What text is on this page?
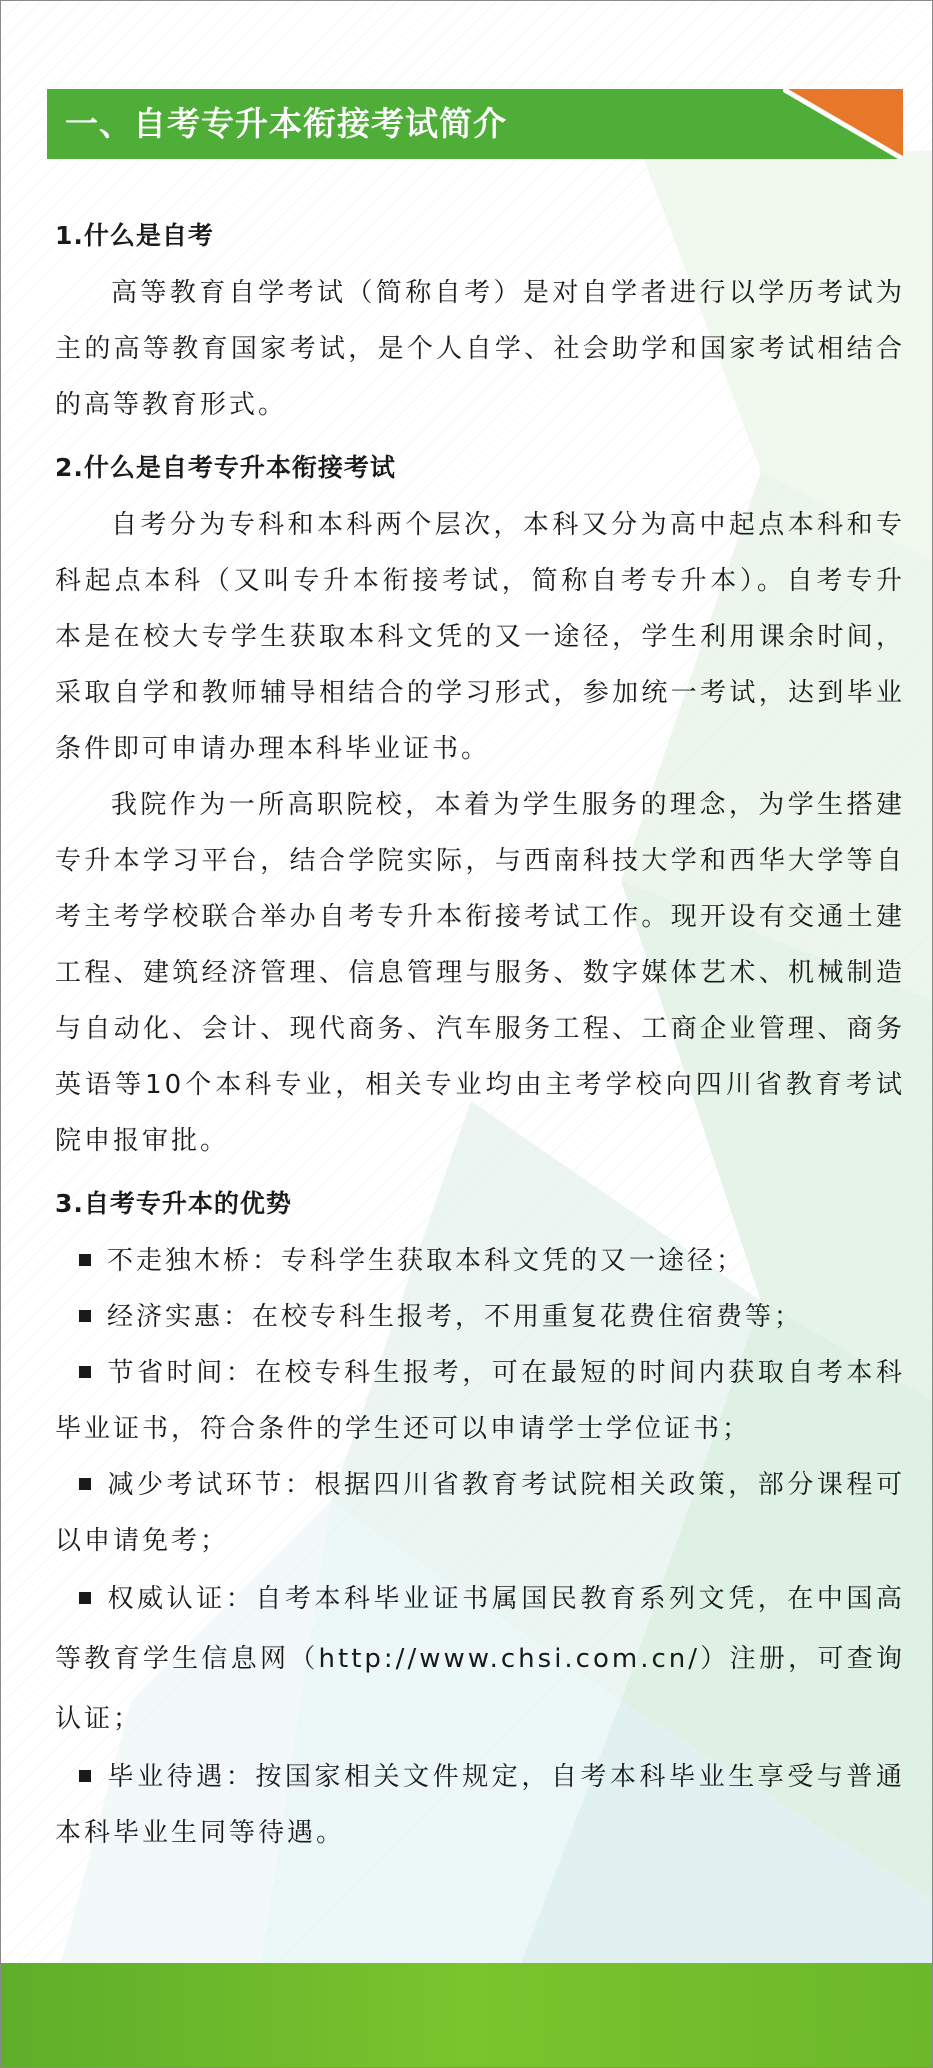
一、自考专升本衔接考试简介
1.什么是自考

高等教育自学考试（简称自考）是对自学者进行以学历考试为主的高等教育国家考试，是个人自学、社会助学和国家考试相结合的高等教育形式。

2.什么是自考专升本衔接考试

自考分为专科和本科两个层次，本科又分为高中起点本科和专科起点本科（又叫专升本衔接考试，简称自考专升本）。自考专升本是在校大专学生获取本科文凭的又一途径，学生利用课余时间，采取自学和教师辅导相结合的学习形式，参加统一考试，达到毕业条件即可申请办理本科毕业证书。

我院作为一所高职院校，本着为学生服务的理念，为学生搭建专升本学习平台，结合学院实际，与西南科技大学和西华大学等自考主考学校联合举办自考专升本衔接考试工作。现开设有交通土建工程、建筑经济管理、信息管理与服务、数字媒体艺术、机械制造与自动化、会计、现代商务、汽车服务工程、工商企业管理、商务英语等10个本科专业，相关专业均由主考学校向四川省教育考试院申报审批。

3.自考专升本的优势
不走独木桥：专科学生获取本科文凭的又一途径；
经济实惠：在校专科生报考，不用重复花费住宿费等；
节省时间：在校专科生报考，可在最短的时间内获取自考本科毕业证书，符合条件的学生还可以申请学士学位证书；
减少考试环节：根据四川省教育考试院相关政策，部分课程可以申请免考；
权威认证：自考本科毕业证书属国民教育系列文凭，在中国高等教育学生信息网（http://www.chsi.com.cn/）注册，可查询认证；
毕业待遇：按国家相关文件规定，自考本科毕业生享受与普通本科毕业生同等待遇。
